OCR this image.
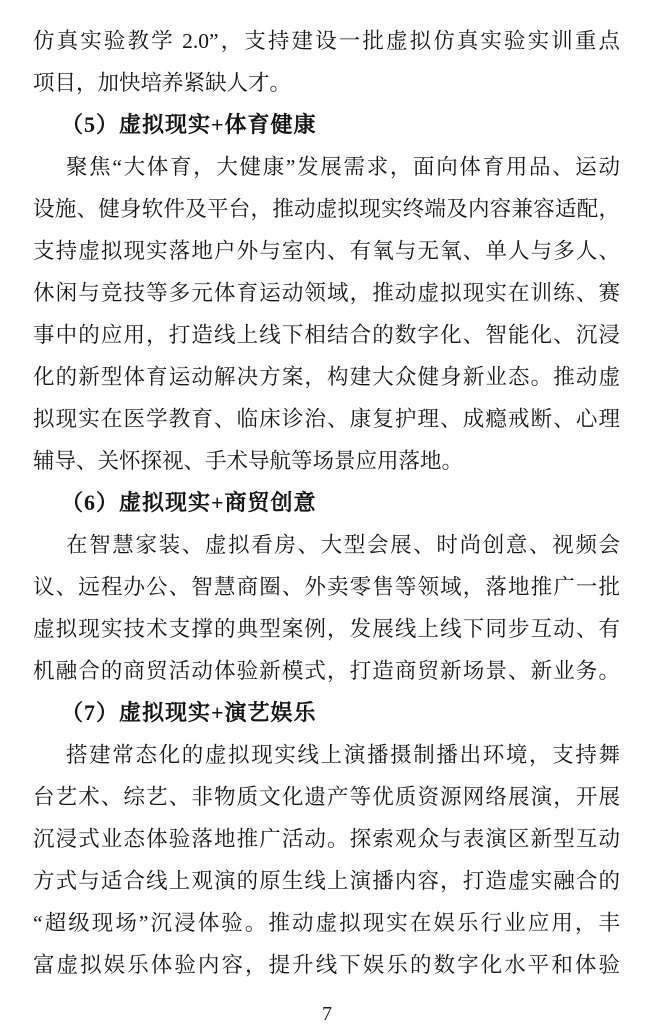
仿真实验教学 2.0”，支持建设一批虚拟仿真实验实训重点
项目，加快培养紧缺人才。
（5）虚拟现实+体育健康
聚焦“大体育，大健康”发展需求，面向体育用品、运动
设施、健身软件及平台，推动虚拟现实终端及内容兼容适配，
支持虚拟现实落地户外与室内、有氧与无氧、单人与多人、
休闲与竞技等多元体育运动领域，推动虚拟现实在训练、赛
事中的应用，打造线上线下相结合的数字化、智能化、沉浸
化的新型体育运动解决方案，构建大众健身新业态。推动虚
拟现实在医学教育、临床诊治、康复护理、成瘾戒断、心理
辅导、关怀探视、手术导航等场景应用落地。
（6）虚拟现实+商贸创意
在智慧家装、虚拟看房、大型会展、时尚创意、视频会
议、远程办公、智慧商圈、外卖零售等领域，落地推广一批
虚拟现实技术支撑的典型案例，发展线上线下同步互动、有
机融合的商贸活动体验新模式，打造商贸新场景、新业务。
（7）虚拟现实+演艺娱乐
搭建常态化的虚拟现实线上演播摄制播出环境，支持舞
台艺术、综艺、非物质文化遗产等优质资源网络展演，开展
沉浸式业态体验落地推广活动。探索观众与表演区新型互动
方式与适合线上观演的原生线上演播内容，打造虚实融合的
“超级现场”沉浸体验。推动虚拟现实在娱乐行业应用，丰
富虚拟娱乐体验内容，提升线下娱乐的数字化水平和体验
7
